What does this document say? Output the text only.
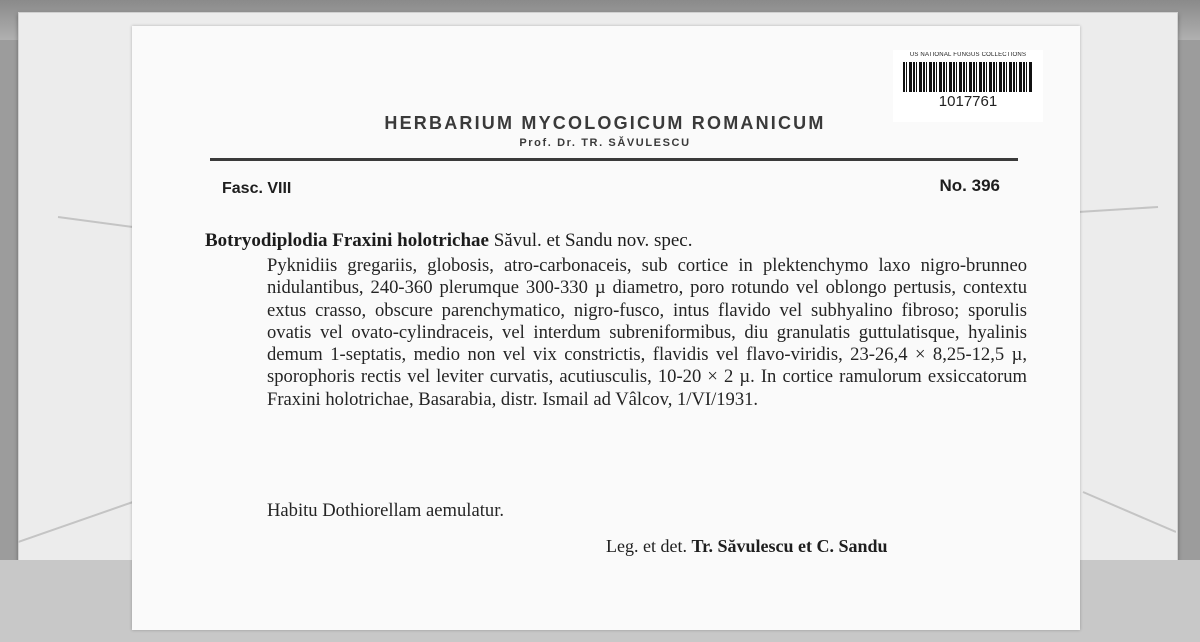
US NATIONAL FUNGUS COLLECTIONS
1017761
HERBARIUM MYCOLOGICUM ROMANICUM
Prof. Dr. TR. SĂVULESCU
Fasc. VIII	No. 396
Botryodiplodia Fraxini holotrichae Săvul. et Sandu nov. spec.
Pyknidiis gregariis, globosis, atro-carbonaceis, sub cortice in plektenchymo laxo nigro-brunneo nidulantibus, 240-360 plerumque 300-330 µ diametro, poro rotundo vel oblongo pertusis, contextu extus crasso, obscure parenchymatico, nigro-fusco, intus flavido vel subhyalino fibroso; sporulis ovatis vel ovato-cylindraceis, vel interdum subreniformibus, diu granulatis guttulatisque, hyalinis demum 1-septatis, medio non vel vix constrictis, flavidis vel flavo-viridis, 23-26,4 × 8,25-12,5 µ, sporophoris rectis vel leviter curvatis, acutiusculis, 10-20 × 2 µ. In cortice ramulorum exsiccatorum Fraxini holotrichae, Basarabia, distr. Ismail ad Vâlcov, 1/VI/1931.
Habitu Dothiorellam aemulatur.
Leg. et det. Tr. Săvulescu et C. Sandu
